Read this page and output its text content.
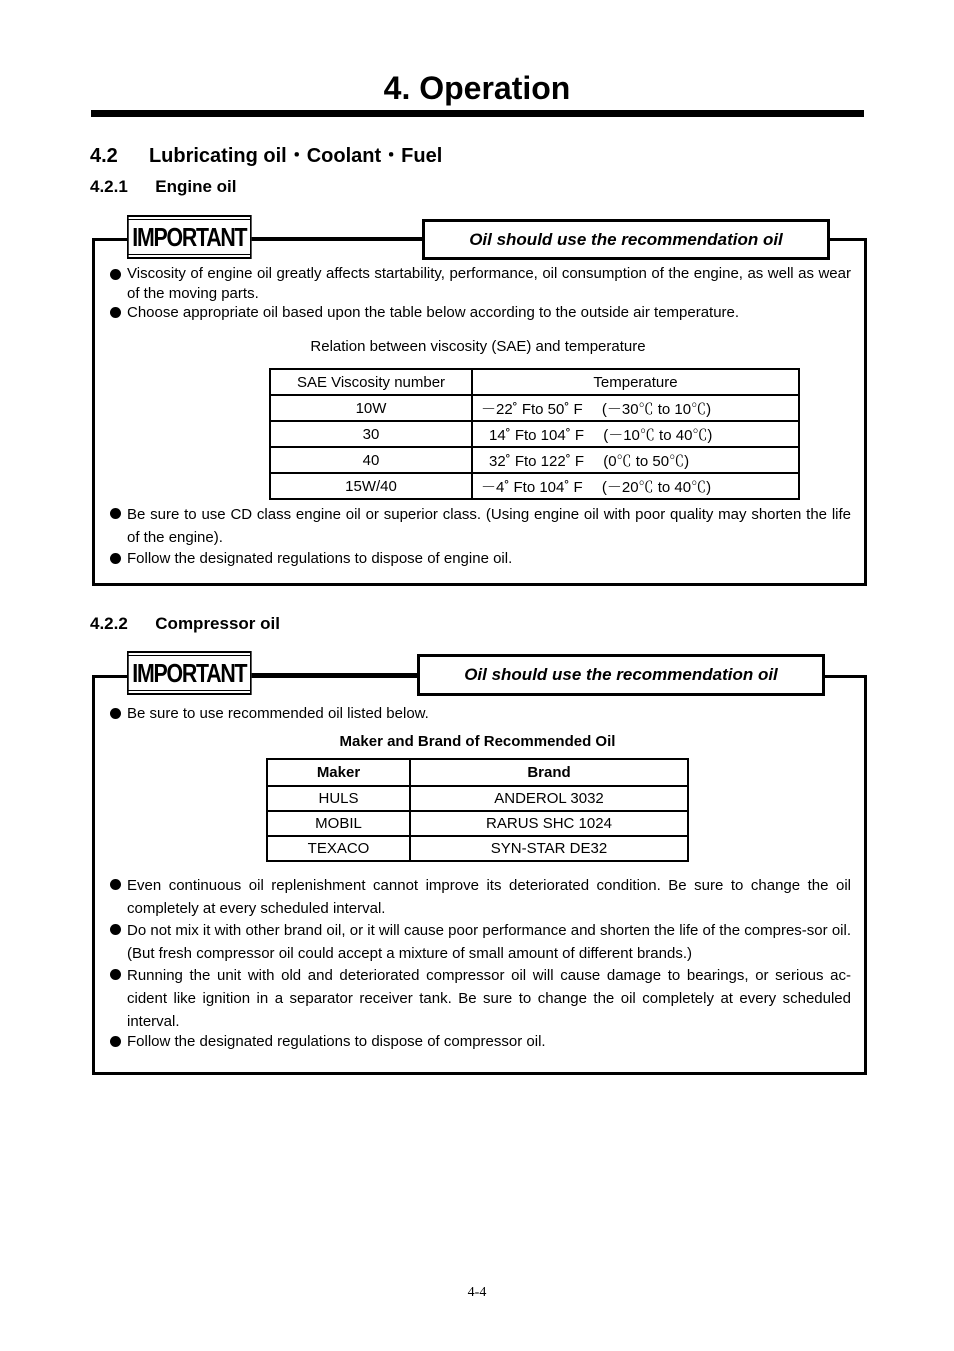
4. Operation
4.2 Lubricating oil・Coolant・Fuel
4.2.1 Engine oil
IMPORTANT	Oil should use the recommendation oil
Viscosity of engine oil greatly affects startability, performance, oil consumption of the engine, as well as wear of the moving parts.
Choose appropriate oil based upon the table below according to the outside air temperature.
Relation between viscosity (SAE) and temperature
SAE Viscosity number	Temperature
10W	－22˚ Fto 50˚ F　 (－30℃ to 10℃)
30	14˚ Fto 104˚ F　 (－10℃ to 40℃)
40	32˚ Fto 122˚ F　 (0℃ to 50℃)
15W/40	－4˚ Fto 104˚ F　 (－20℃ to 40℃)
Be sure to use CD class engine oil or superior class. (Using engine oil with poor quality may shorten the life of the engine).
Follow the designated regulations to dispose of engine oil.
4.2.2 Compressor oil
IMPORTANT	Oil should use the recommendation oil
Be sure to use recommended oil listed below.
Maker and Brand of Recommended Oil
Maker	Brand
HULS	ANDEROL 3032
MOBIL	RARUS SHC 1024
TEXACO	SYN-STAR DE32
Even continuous oil replenishment cannot improve its deteriorated condition. Be sure to change the oil completely at every scheduled interval.
Do not mix it with other brand oil, or it will cause poor performance and shorten the life of the compres-sor oil. (But fresh compressor oil could accept a mixture of small amount of different brands.)
Running the unit with old and deteriorated compressor oil will cause damage to bearings, or serious ac-cident like ignition in a separator receiver tank. Be sure to change the oil completely at every scheduled interval.
Follow the designated regulations to dispose of compressor oil.
4-4
